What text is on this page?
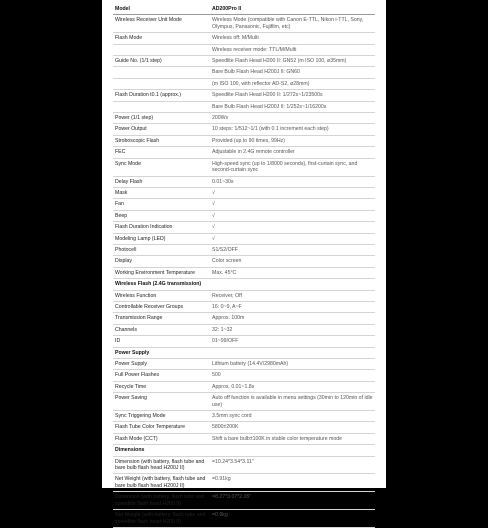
Model	AD200Pro II
Wireless Receiver Unit Mode	Wireless Mode (compatible with Canon E-TTL, Nikon i-TTL, Sony, Olympus, Panasonic, Fujifilm, etc)
Flash Mode	Wireless off: M/Multi
	Wireless receiver mode: TTL/M/Multi
Guide No. (1/1 step)	Speedlite Flash Head H200 II: GN52 (m ISO 100, ø35mm)
	Bare Bulb Flash Head H200J II: GN60
	(m ISO 100, with reflector AD-S2, ø28mm)
Flash Duration t0.1 (approx.)	Speedlite Flash Head H200 II: 1/272s~1/23500s
	Bare Bulb Flash Head H200J II: 1/252s~1/16200s
Power (1/1 step)	200Ws
Power Output	10 steps: 1/512~1/1 (with 0.1 increment each step)
Stroboscopic Flash	Provided (up to 90 times, 99Hz)
FEC	Adjustable in 2.4G remote controller
Sync Mode	High-speed sync (up to 1/8000 seconds), first-curtain sync, and second-curtain sync
Delay Flash	0.01~30s
Mask	√
Fan	√
Beep	√
Flash Duration Indication	√
Modeling Lamp (LED)	√
Photocell	S1/S2/OFF
Display	Color screen
Working Environment Temperature	Max. 45°C
Wireless Flash (2.4G transmission)	
Wireless Function	Receiver, Off
Controllable Receiver Groups	16: 0~9, A~F
Transmission Range	Approx. 100m
Channels	32: 1~32
ID	01~99/OFF
Power Supply	
Power Supply	Lithium battery (14.4V/2980mAh)
Full Power Flashes	500
Recycle Time	Approx. 0.01~1.8s
Power Saving	Auto off function is available in menu settings (30min to 120min of idle use)
Sync Triggering Mode	3.5mm sync cord
Flash Tube Color Temperature	5800±200K
Flash Mode (CCT)	Shift a bare bulb±100K in stable color temperature mode
Dimensions	
Dimension (with battery, flash tube and bare bulb flash head H200J II)	=10.24*3.54*3.11"
Net Weight (with battery, flash tube and bare bulb flash head H200J II)	=0.91kg
Dimension (with battery, flash tube and speedlite flash head H200 II)	=8.27*3.07*2.05"
Net Weight (with battery, flash tube and speedlite flash head H200 II)	=0.9kg
